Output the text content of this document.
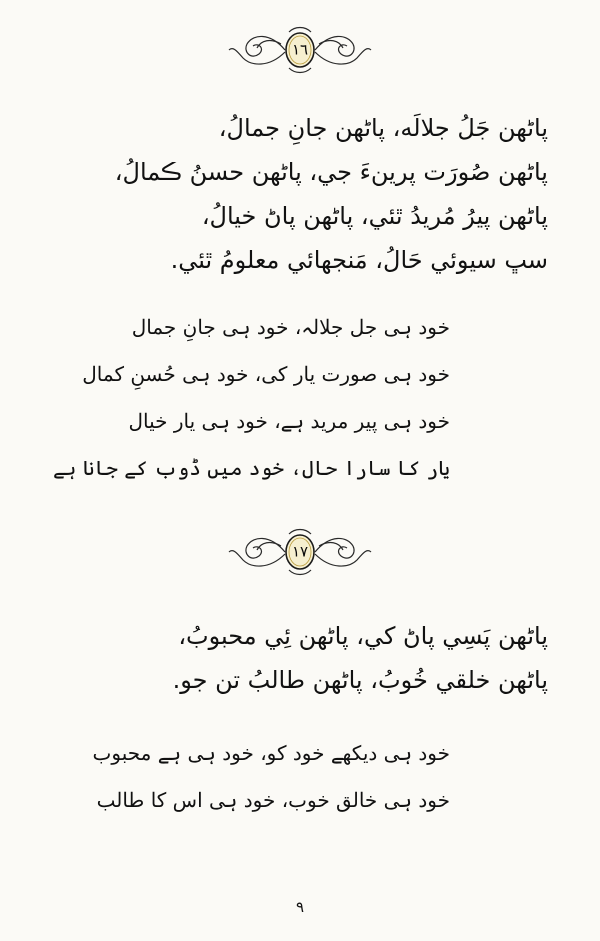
١٦
پاڻھن جَلُ جلالَه، پاڻھن جانِ جمالُ،
پاڻھن صُورَت پرينءَ جي، پاڻھن حسنُ ڪمالُ،
پاڻھن پيرُ مُريدُ ٿئي، پاڻھن پاڻ خيالُ،
سڀ سيوئي حَالُ، مَنجھائي معلومُ ٿئي.
خود ہی جل جلالہ، خود ہی جانِ جمال
خود ہی صورت یار کی، خود ہی حُسنِ کمال
خود ہی پیر مرید ہے، خود ہی یار خیال
یار کا سارا حال، خود میں ڈوب کے جانا ہے
١٧
پاڻھن پَسِي پاڻ کي، پاڻھن ئِي محبوبُ،
پاڻھن خلقي خُوبُ، پاڻھن طالبُ تن جو.
خود ہی دیکھے خود کو، خود ہی ہے محبوب
خود ہی خالق خوب، خود ہی اس کا طالب
٩
